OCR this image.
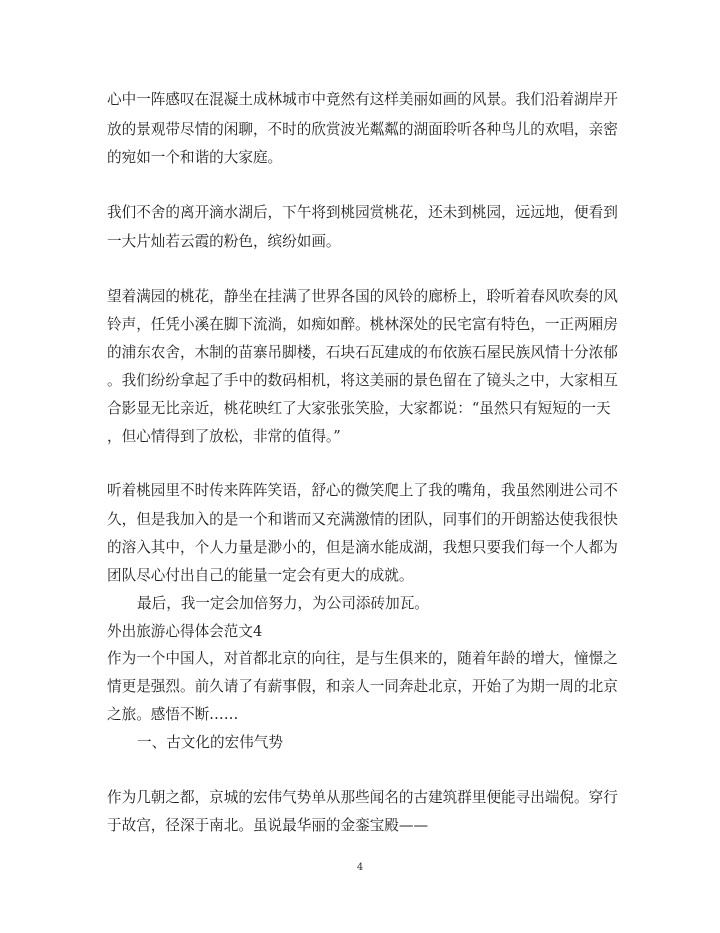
心中一阵感叹在混凝土成林城市中竟然有这样美丽如画的风景。我们沿着湖岸开
放的景观带尽情的闲聊，不时的欣赏波光粼粼的湖面聆听各种鸟儿的欢唱，亲密
的宛如一个和谐的大家庭。
我们不舍的离开滴水湖后，下午将到桃园赏桃花，还未到桃园，远远地，便看到
一大片灿若云霞的粉色，缤纷如画。
望着满园的桃花，静坐在挂满了世界各国的风铃的廊桥上，聆听着春风吹奏的风
铃声，任凭小溪在脚下流淌，如痴如醉。桃林深处的民宅富有特色，一正两厢房
的浦东农舍，木制的苗寨吊脚楼，石块石瓦建成的布依族石屋民族风情十分浓郁
。我们纷纷拿起了手中的数码相机，将这美丽的景色留在了镜头之中，大家相互
合影显无比亲近，桃花映红了大家张张笑脸，大家都说：“虽然只有短短的一天
，但心情得到了放松，非常的值得。”
听着桃园里不时传来阵阵笑语，舒心的微笑爬上了我的嘴角，我虽然刚进公司不
久，但是我加入的是一个和谐而又充满激情的团队，同事们的开朗豁达使我很快
的溶入其中，个人力量是渺小的，但是滴水能成湖，我想只要我们每一个人都为
团队尽心付出自己的能量一定会有更大的成就。
最后，我一定会加倍努力，为公司添砖加瓦。
外出旅游心得体会范文4
作为一个中国人，对首都北京的向往，是与生俱来的，随着年龄的增大，憧憬之
情更是强烈。前久请了有薪事假，和亲人一同奔赴北京，开始了为期一周的北京
之旅。感悟不断……
一、古文化的宏伟气势
作为几朝之都，京城的宏伟气势单从那些闻名的古建筑群里便能寻出端倪。穿行
于故宫，径深于南北。虽说最华丽的金銮宝殿——
4
